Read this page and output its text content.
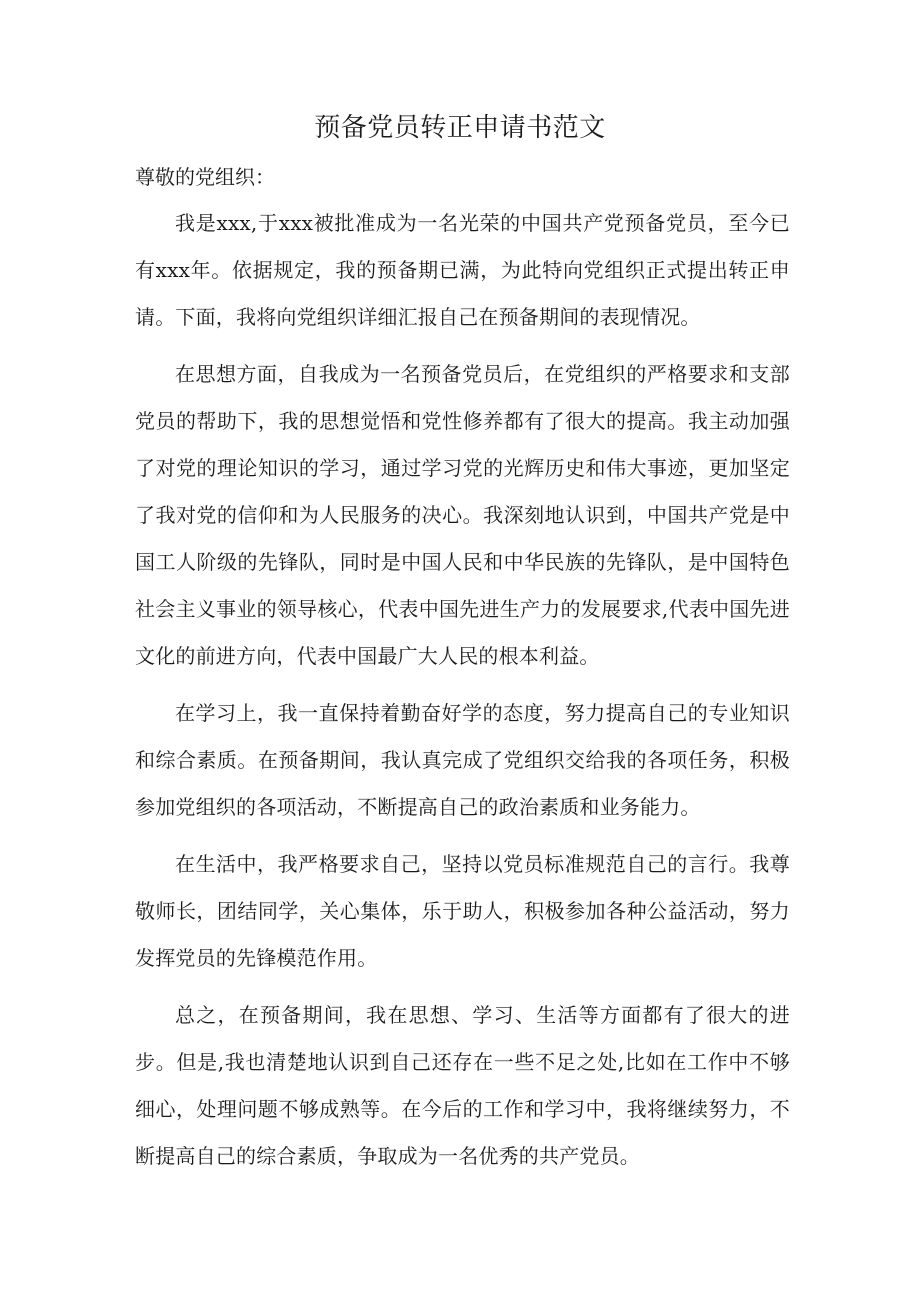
预备党员转正申请书范文
尊敬的党组织：

我是xxx,于xxx被批准成为一名光荣的中国共产党预备党员，至今已有xxx年。依据规定，我的预备期已满，为此特向党组织正式提出转正申请。下面，我将向党组织详细汇报自己在预备期间的表现情况。

在思想方面，自我成为一名预备党员后，在党组织的严格要求和支部党员的帮助下，我的思想觉悟和党性修养都有了很大的提高。我主动加强了对党的理论知识的学习，通过学习党的光辉历史和伟大事迹，更加坚定了我对党的信仰和为人民服务的决心。我深刻地认识到，中国共产党是中国工人阶级的先锋队，同时是中国人民和中华民族的先锋队，是中国特色社会主义事业的领导核心，代表中国先进生产力的发展要求,代表中国先进文化的前进方向，代表中国最广大人民的根本利益。

在学习上，我一直保持着勤奋好学的态度，努力提高自己的专业知识和综合素质。在预备期间，我认真完成了党组织交给我的各项任务，积极参加党组织的各项活动，不断提高自己的政治素质和业务能力。

在生活中，我严格要求自己，坚持以党员标准规范自己的言行。我尊敬师长，团结同学，关心集体，乐于助人，积极参加各种公益活动，努力发挥党员的先锋模范作用。

总之，在预备期间，我在思想、学习、生活等方面都有了很大的进步。但是,我也清楚地认识到自己还存在一些不足之处,比如在工作中不够细心，处理问题不够成熟等。在今后的工作和学习中，我将继续努力，不断提高自己的综合素质，争取成为一名优秀的共产党员。
